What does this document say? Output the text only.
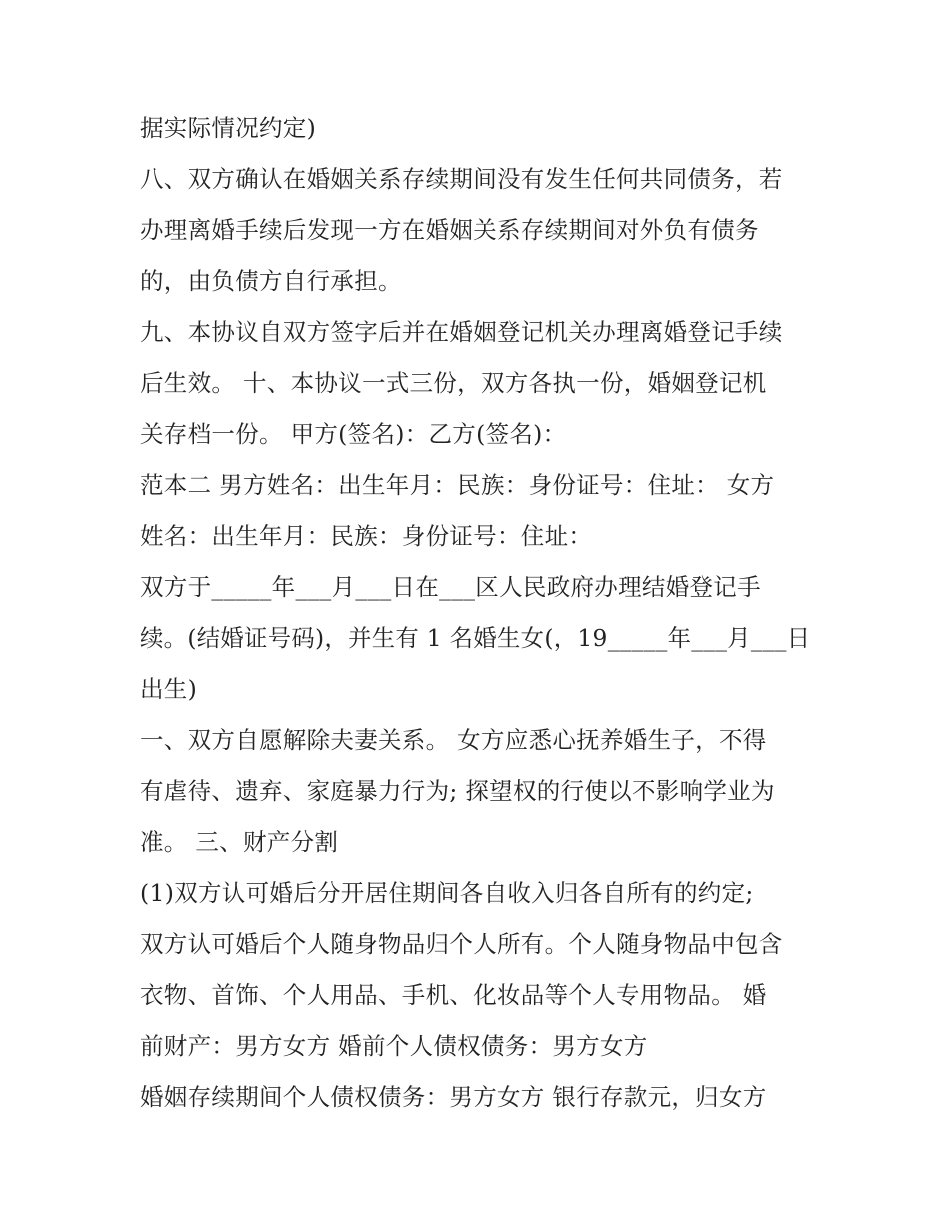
据实际情况约定)
八、双方确认在婚姻关系存续期间没有发生任何共同债务，若
办理离婚手续后发现一方在婚姻关系存续期间对外负有债务
的，由负债方自行承担。
九、本协议自双方签字后并在婚姻登记机关办理离婚登记手续
后生效。 十、本协议一式三份，双方各执一份，婚姻登记机
关存档一份。 甲方(签名)：乙方(签名)：
范本二 男方姓名：出生年月：民族：身份证号：住址： 女方
姓名：出生年月：民族：身份证号：住址：
双方于_____年___月___日在___区人民政府办理结婚登记手
续。(结婚证号码)，并生有 1 名婚生女(，19_____年___月___日
出生)
一、双方自愿解除夫妻关系。 女方应悉心抚养婚生子，不得
有虐待、遗弃、家庭暴力行为; 探望权的行使以不影响学业为
准。 三、财产分割
(1)双方认可婚后分开居住期间各自收入归各自所有的约定;
双方认可婚后个人随身物品归个人所有。个人随身物品中包含
衣物、首饰、个人用品、手机、化妆品等个人专用物品。 婚
前财产：男方女方 婚前个人债权债务：男方女方
婚姻存续期间个人债权债务：男方女方 银行存款元，归女方
